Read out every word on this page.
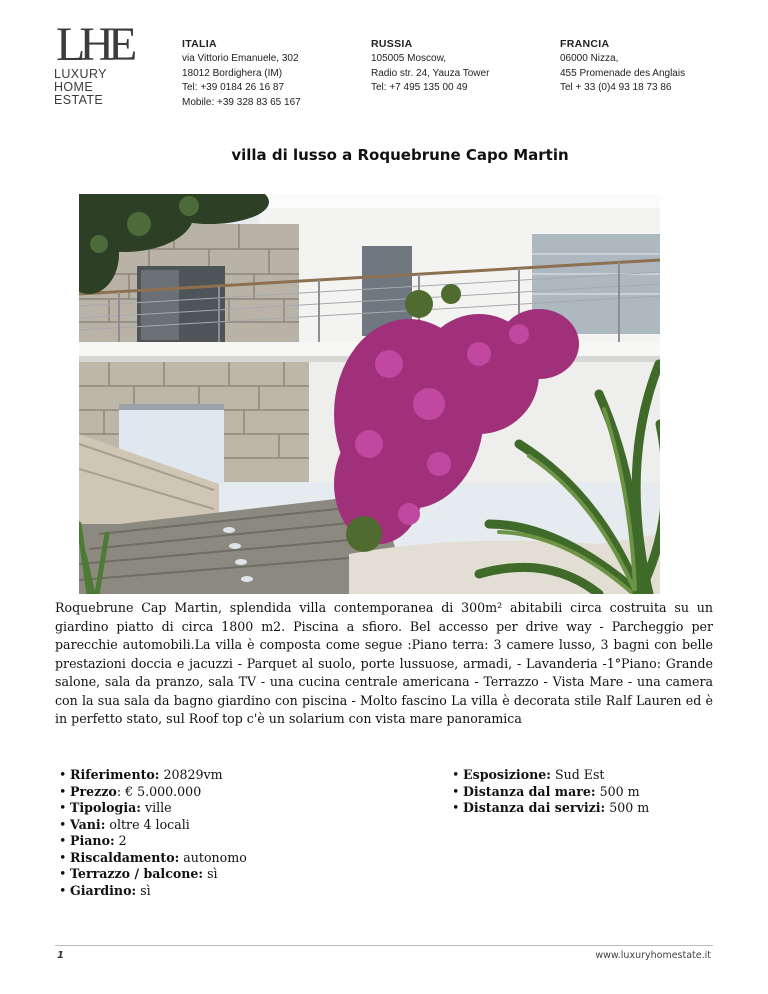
LHE
LUXURY
HOME
ESTATE
ITALIA
via Vittorio Emanuele, 302
18012 Bordighera (IM)
Tel: +39 0184 26 16 87
Mobile: +39 328 83 65 167
RUSSIA
105005 Moscow,
Radio str. 24, Yauza Tower
Tel: +7 495 135 00 49
FRANCIA
06000 Nizza,
455 Promenade des Anglais
Tel + 33 (0)4 93 18 73 86
villa di lusso a Roquebrune Capo Martin

Roquebrune Cap Martin, splendida villa contemporanea di 300m² abitabili circa costruita su un giardino piatto di circa 1800 m2. Piscina a sfioro. Bel accesso per drive way - Parcheggio per parecchie automobili.La villa è composta come segue :Piano terra: 3 camere lusso, 3 bagni con belle prestazioni doccia e jacuzzi - Parquet al suolo, porte lussuose, armadi, - Lavanderia -1°Piano: Grande salone, sala da pranzo, sala TV - una cucina centrale americana - Terrazzo - Vista Mare - una camera con la sua sala da bagno giardino con piscina - Molto fascino La villa è decorata stile Ralf Lauren ed è in perfetto stato, sul Roof top c'è un solarium con vista mare panoramica

• Riferimento: 20829vm
• Prezzo: € 5.000.000
• Tipologia: ville
• Vani: oltre 4 locali
• Piano: 2
• Riscaldamento: autonomo
• Terrazzo / balcone: sì
• Giardino: sì
• Esposizione: Sud Est
• Distanza dal mare: 500 m
• Distanza dai servizi: 500 m
1	www.luxuryhomestate.it
